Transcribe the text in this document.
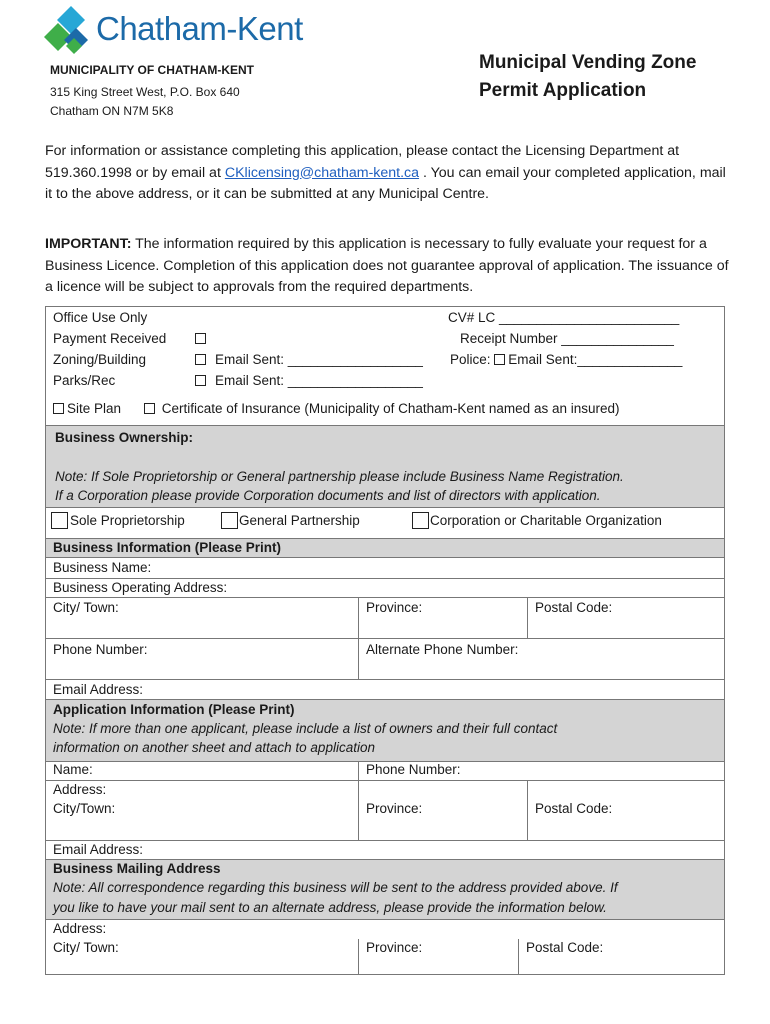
Chatham-Kent
MUNICIPALITY OF CHATHAM-KENT
315 King Street West, P.O. Box 640
Chatham ON N7M 5K8
Municipal Vending Zone
Permit Application
For information or assistance completing this application, please contact the Licensing Department at 519.360.1998 or by email at CKlicensing@chatham-kent.ca . You can email your completed application, mail it to the above address, or it can be submitted at any Municipal Centre.
IMPORTANT: The information required by this application is necessary to fully evaluate your request for a Business Licence. Completion of this application does not guarantee approval of application. The issuance of a licence will be subject to approvals from the required departments.
Office Use Only	CV# LC ________________________
Payment Received	Receipt Number _______________
Zoning/Building	Email Sent: __________________ Police: Email Sent:______________
Parks/Rec	Email Sent: __________________
Site Plan	Certificate of Insurance (Municipality of Chatham-Kent named as an insured)
Business Ownership:
Note: If Sole Proprietorship or General partnership please include Business Name Registration.
If a Corporation please provide Corporation documents and list of directors with application.
Sole Proprietorship	General Partnership	Corporation or Charitable Organization
Business Information (Please Print)
Business Name:
Business Operating Address:
City/ Town:	Province:	Postal Code:
Phone Number:	Alternate Phone Number:
Email Address:
Application Information (Please Print)
Note: If more than one applicant, please include a list of owners and their full contact
information on another sheet and attach to application
Name:	Phone Number:
Address:
City/Town:	Province:	Postal Code:
Email Address:
Business Mailing Address
Note: All correspondence regarding this business will be sent to the address provided above. If
you like to have your mail sent to an alternate address, please provide the information below.
Address:
City/ Town:	Province:	Postal Code:
